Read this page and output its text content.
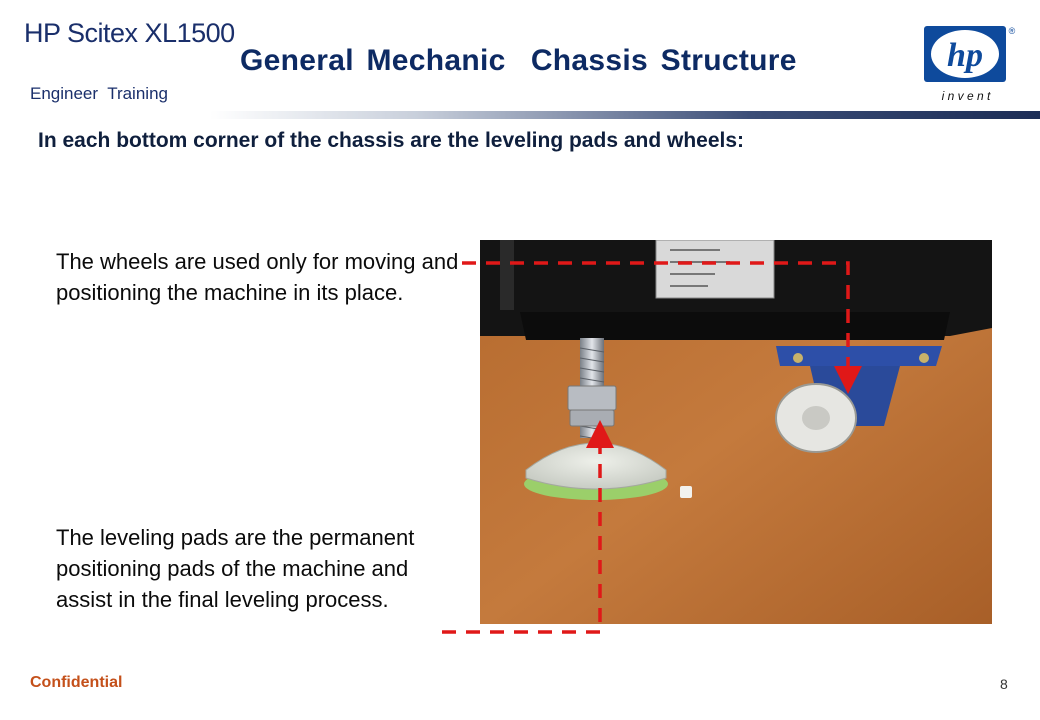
HP Scitex XL1500
Engineer  Training
General Mechanic  Chassis Structure	hp
®
i n v e n t
In each bottom corner of the chassis are the leveling pads and wheels:
The wheels are used only for moving and positioning the machine in its place.
The leveling pads are the permanent positioning pads of the machine and assist in the final leveling process.
Confidential	8
